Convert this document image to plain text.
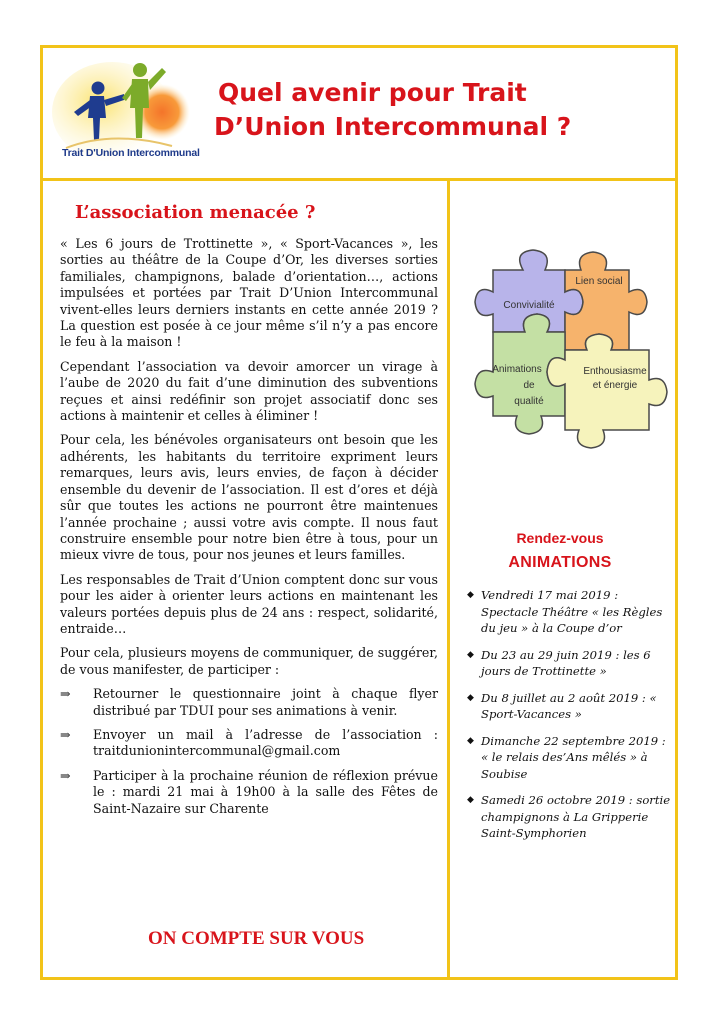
Trait D'Union Intercommunal
Quel avenir pour Trait
D’Union Intercommunal ?
L’association menacée ?

« Les 6 jours de Trottinette », « Sport-Vacances », les sorties au théâtre de la Coupe d’Or, les diverses sorties familiales, champignons, balade d’orientation…, actions impulsées et portées par Trait D’Union Intercommunal vivent-elles leurs derniers instants en cette année 2019 ? La question est posée à ce jour même s’il n’y a pas encore le feu à la maison !

Cependant l’association va devoir amorcer un virage à l’aube de 2020 du fait d’une diminution des subventions reçues et ainsi redéfinir son projet associatif donc ses actions à maintenir et celles à éliminer !

Pour cela, les bénévoles organisateurs ont besoin que les adhérents, les habitants du territoire expriment leurs remarques, leurs avis, leurs envies, de façon à décider ensemble du devenir de l’association. Il est d’ores et déjà sûr que toutes les actions ne pourront être maintenues l’année prochaine ; aussi votre avis compte. Il nous faut construire ensemble pour notre bien être à tous, pour un mieux vivre de tous, pour nos jeunes et leurs familles.

Les responsables de Trait d’Union comptent donc sur vous pour les aider à orienter leurs actions en maintenant les valeurs portées depuis plus de 24 ans : respect, solidarité, entraide…

Pour cela, plusieurs moyens de communiquer, de suggérer, de vous manifester, de participer :

⇒ Retourner le questionnaire joint à chaque flyer distribué par TDUI pour ses animations à venir.
⇒ Envoyer un mail à l’adresse de l’association : traitdunionintercommunal@gmail.com
⇒ Participer à la prochaine réunion de réflexion prévue le : mardi 21 mai à 19h00 à la salle des Fêtes de Saint-Nazaire sur Charente
ON COMPTE SUR VOUS
Convivialité
Lien social
Animations
de
qualité
Enthousiasme
et énergie
Rendez-vous
ANIMATIONS
◆ Vendredi 17 mai 2019 : Spectacle Théâtre « les Règles du jeu » à la Coupe d’or
◆ Du 23 au 29 juin 2019 : les 6 jours de Trottinette »
◆ Du 8 juillet au 2 août 2019 : « Sport-Vacances »
◆ Dimanche 22 septembre 2019 : « le relais des’Ans mêlés » à Soubise
◆ Samedi 26 octobre 2019 : sortie champignons à La Gripperie Saint-Symphorien
